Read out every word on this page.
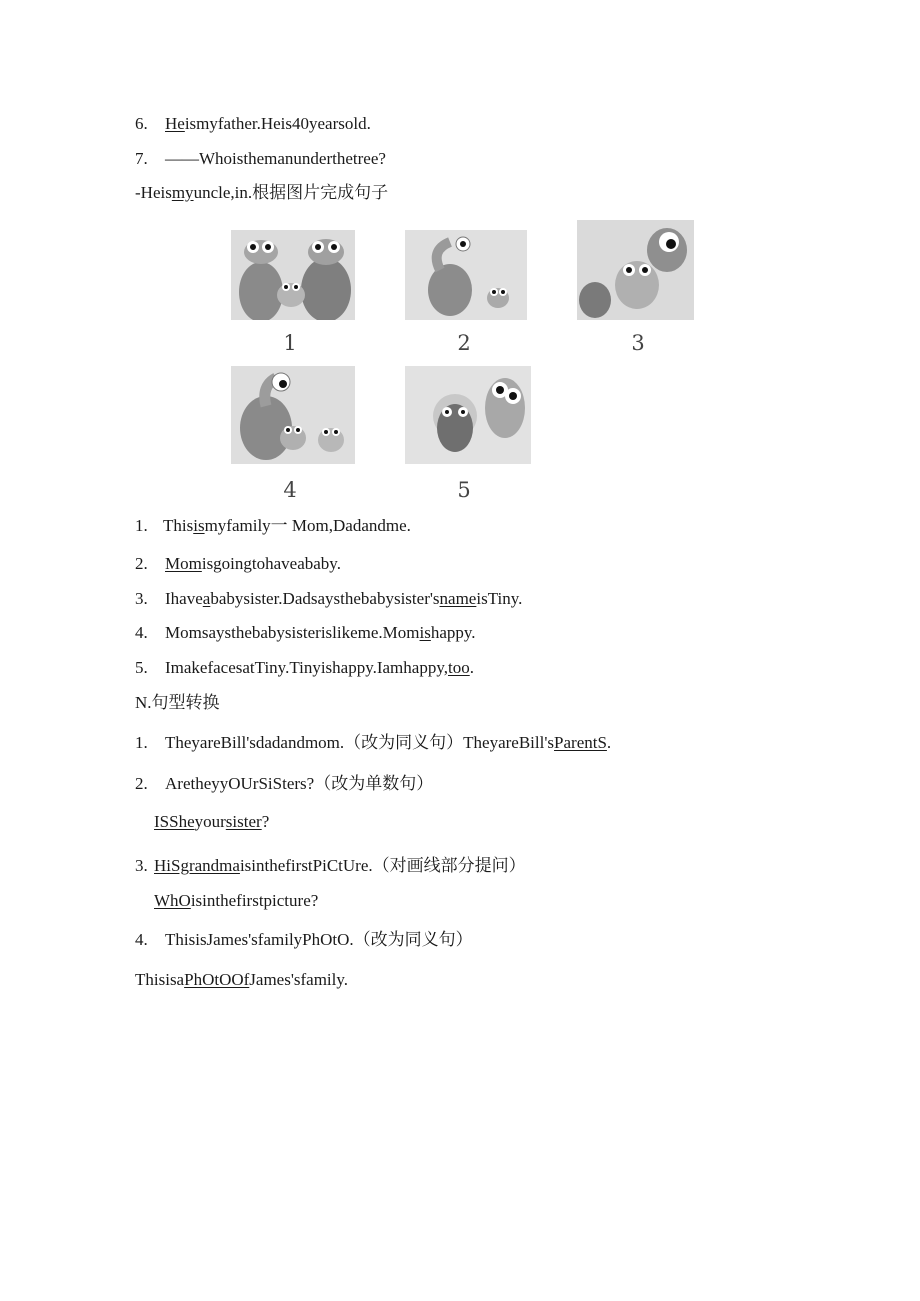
6. Heismyfather.Heis40yearsold.
7. ——Whoisthemanunderthetree?
-Heismyuncle,in.根据图片完成句子
1	2	3
4	5
1. Thisismyfamily一 Mom,Dadandme.
2. Momisgoingtohaveababy.
3. Ihaveababysister.Dadsaysthebabysister'snameisTiny.
4. Momsaysthebabysisterislikeme.Momishappy.
5. ImakefacesatTiny.Tinyishappy.Iamhappy,too.
N.句型转换
1. TheyareBill'sdadandmom.（改为同义句）TheyareBill'sParentS.
2. AretheyyOUrSiSters?（改为单数句）
ISSheyoursister?
3. HiSgrandmaisinthefirstPiCtUre.（对画线部分提问）
WhOisinthefirstpicture?
4. ThisisJames'sfamilyPhOtO.（改为同义句）
ThisisaPhOtOOfJames'sfamily.
